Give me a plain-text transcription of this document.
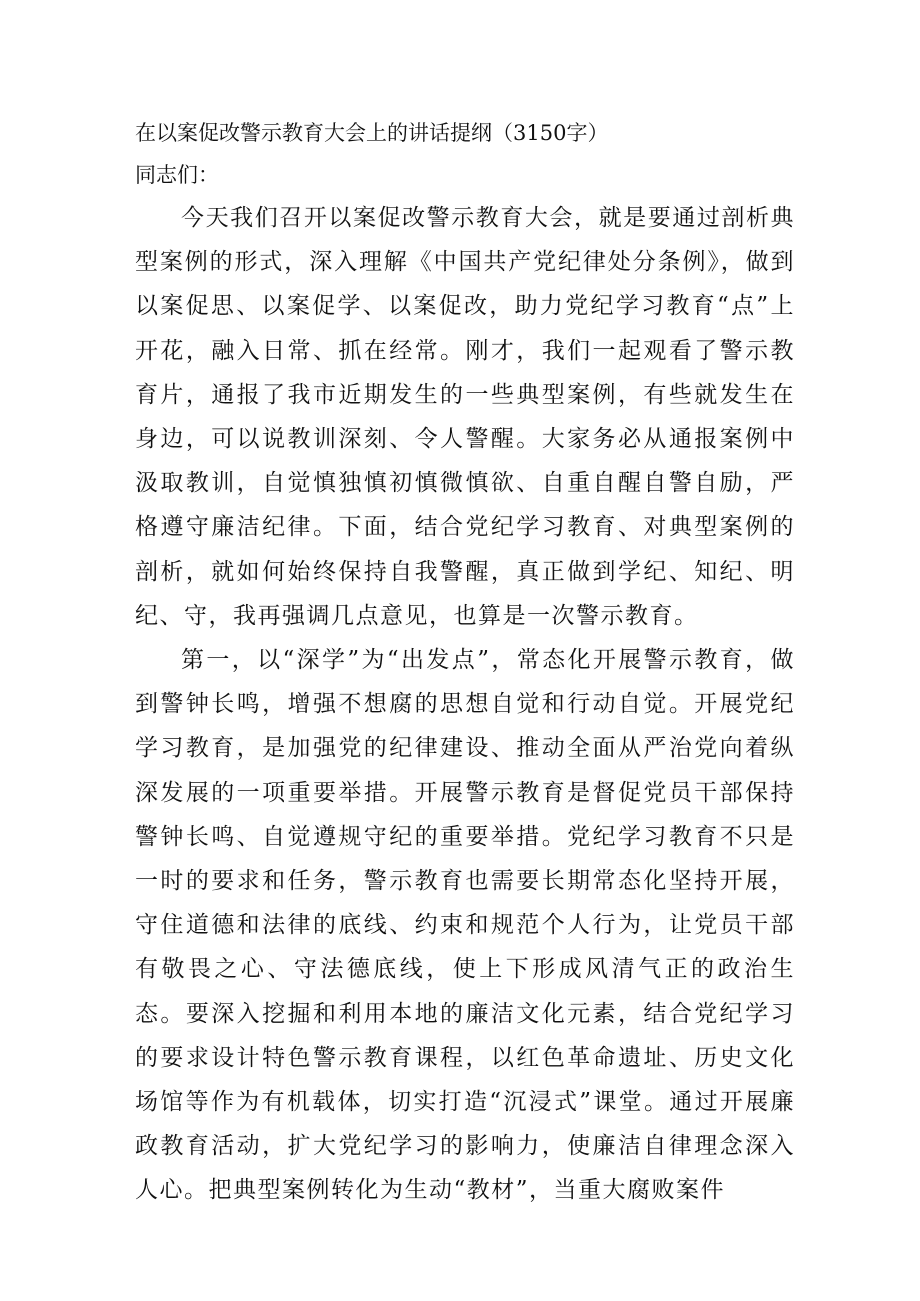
在以案促改警示教育大会上的讲话提纲（3150字）

同志们：

今天我们召开以案促改警示教育大会，就是要通过剖析典型案例的形式，深入理解《中国共产党纪律处分条例》，做到以案促思、以案促学、以案促改，助力党纪学习教育“点”上开花，融入日常、抓在经常。刚才，我们一起观看了警示教育片，通报了我市近期发生的一些典型案例，有些就发生在身边，可以说教训深刻、令人警醒。大家务必从通报案例中汲取教训，自觉慎独慎初慎微慎欲、自重自醒自警自励，严格遵守廉洁纪律。下面，结合党纪学习教育、对典型案例的剖析，就如何始终保持自我警醒，真正做到学纪、知纪、明纪、守，我再强调几点意见，也算是一次警示教育。

第一，以“深学”为“出发点”，常态化开展警示教育，做到警钟长鸣，增强不想腐的思想自觉和行动自觉。开展党纪学习教育，是加强党的纪律建设、推动全面从严治党向着纵深发展的一项重要举措。开展警示教育是督促党员干部保持警钟长鸣、自觉遵规守纪的重要举措。党纪学习教育不只是一时的要求和任务，警示教育也需要长期常态化坚持开展，守住道德和法律的底线、约束和规范个人行为，让党员干部有敬畏之心、守法德底线，使上下形成风清气正的政治生态。要深入挖掘和利用本地的廉洁文化元素，结合党纪学习的要求设计特色警示教育课程，以红色革命遗址、历史文化场馆等作为有机载体，切实打造“沉浸式”课堂。通过开展廉政教育活动，扩大党纪学习的影响力，使廉洁自律理念深入人心。把典型案例转化为生动“教材”，当重大腐败案件
